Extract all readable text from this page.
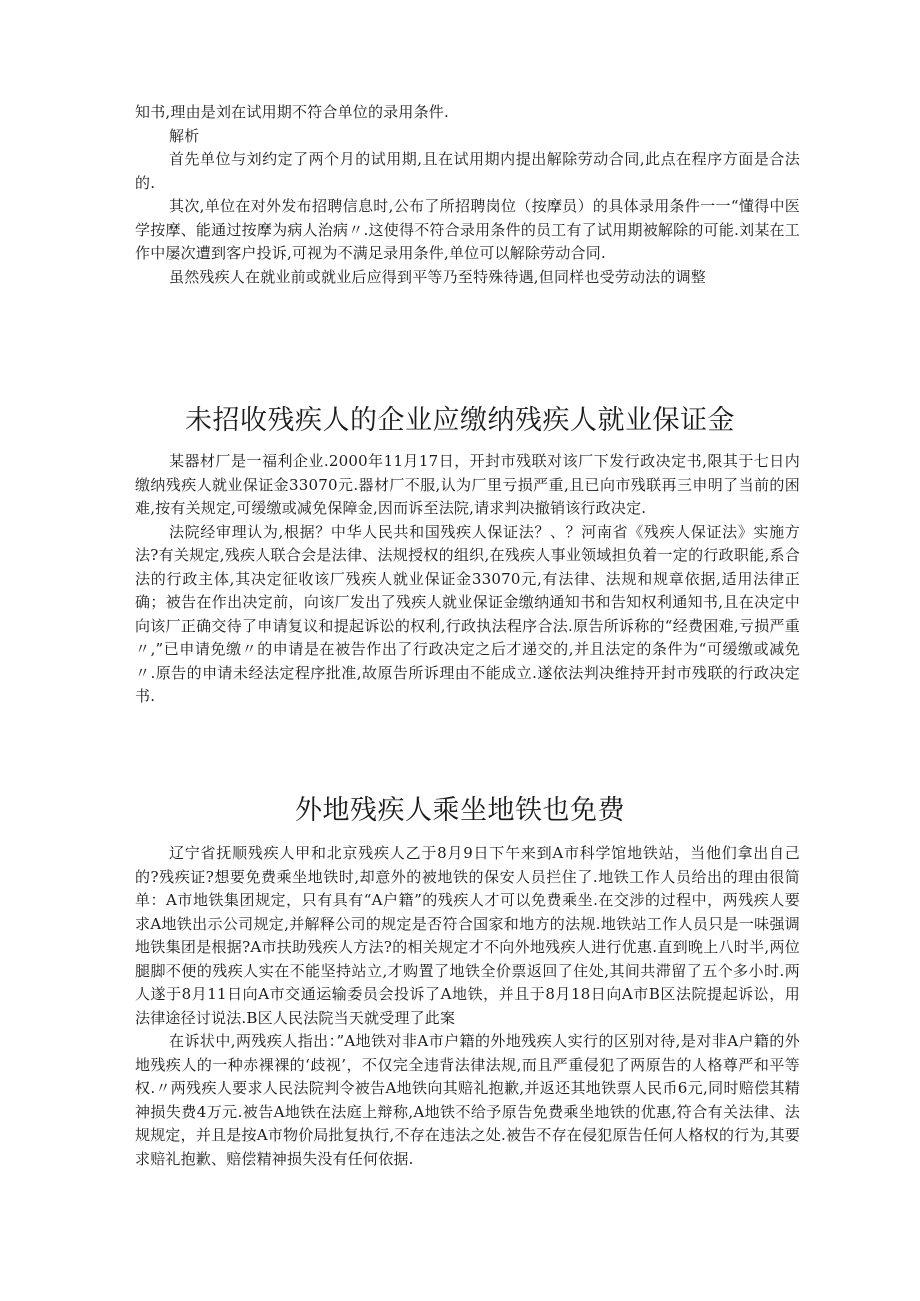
知书,理由是刘在试用期不符合单位的录用条件.

解析

首先单位与刘约定了两个月的试用期,且在试用期内提出解除劳动合同,此点在程序方面是合法的.

其次,单位在对外发布招聘信息时,公布了所招聘岗位（按摩员）的具体录用条件一一“懂得中医学按摩、能通过按摩为病人治病〃.这使得不符合录用条件的员工有了试用期被解除的可能.刘某在工作中屡次遭到客户投诉,可视为不满足录用条件,单位可以解除劳动合同.

虽然残疾人在就业前或就业后应得到平等乃至特殊待遇,但同样也受劳动法的调整

未招收残疾人的企业应缴纳残疾人就业保证金

某器材厂是一福利企业.2000年11月17日，开封市残联对该厂下发行政决定书,限其于七日内缴纳残疾人就业保证金33070元.器材厂不服,认为厂里亏损严重,且已向市残联再三申明了当前的困难,按有关规定,可缓缴或减免保障金,因而诉至法院,请求判决撤销该行政决定.

法院经审理认为,根据？中华人民共和国残疾人保证法？、？河南省《残疾人保证法》实施方法?有关规定,残疾人联合会是法律、法规授权的组织,在残疾人事业领域担负着一定的行政职能,系合法的行政主体,其决定征收该厂残疾人就业保证金33070元,有法律、法规和规章依据,适用法律正确；被告在作出决定前，向该厂发出了残疾人就业保证金缴纳通知书和告知权利通知书,且在决定中向该厂正确交待了申请复议和提起诉讼的权利,行政执法程序合法.原告所诉称的“经费困难,亏损严重〃,”已申请免缴〃的申请是在被告作出了行政决定之后才递交的,并且法定的条件为“可缓缴或减免〃.原告的申请未经法定程序批准,故原告所诉理由不能成立.遂依法判决维持开封市残联的行政决定书.

外地残疾人乘坐地铁也免费

辽宁省抚顺残疾人甲和北京残疾人乙于8月9日下午来到A市科学馆地铁站，当他们拿出自己的?残疾证?想要免费乘坐地铁时,却意外的被地铁的保安人员拦住了.地铁工作人员给出的理由很简单：A市地铁集团规定，只有具有“A户籍”的残疾人才可以免费乘坐.在交涉的过程中，两残疾人要求A地铁出示公司规定,并解释公司的规定是否符合国家和地方的法规.地铁站工作人员只是一味强调地铁集团是根据?A市扶助残疾人方法?的相关规定才不向外地残疾人进行优惠.直到晚上八时半,两位腿脚不便的残疾人实在不能坚持站立,才购置了地铁全价票返回了住处,其间共滞留了五个多小时.两人遂于8月11日向A市交通运输委员会投诉了A地铁，并且于8月18日向A市B区法院提起诉讼，用法律途径讨说法.B区人民法院当天就受理了此案

在诉状中,两残疾人指出：”A地铁对非A市户籍的外地残疾人实行的区别对待,是对非A户籍的外地残疾人的一种赤裸裸的‘歧视’，不仅完全违背法律法规,而且严重侵犯了两原告的人格尊严和平等权.〃两残疾人要求人民法院判令被告A地铁向其赔礼抱歉,并返还其地铁票人民币6元,同时赔偿其精神损失费4万元.被告A地铁在法庭上辩称,A地铁不给予原告免费乘坐地铁的优惠,符合有关法律、法规规定，并且是按A市物价局批复执行,不存在违法之处.被告不存在侵犯原告任何人格权的行为,其要求赔礼抱歉、赔偿精神损失没有任何依据.
